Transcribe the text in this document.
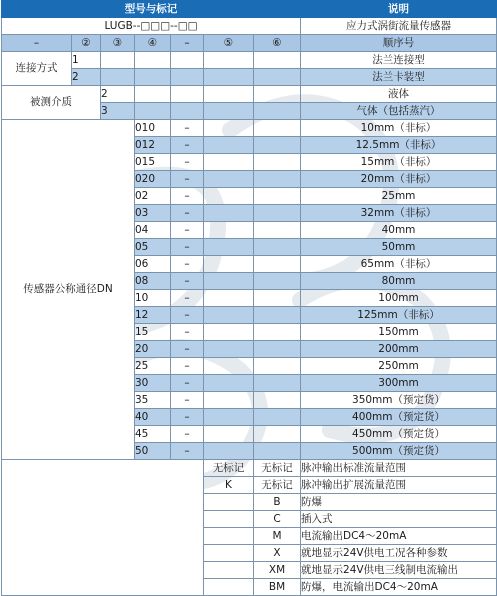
型号与标记							说明
LUGB--□□□--□□							应力式涡街流量传感器
–	②	③	④	–	⑤	⑥	顺序号
连接方式	1						法兰连接型
	2						法兰卡装型
被测介质		2					液体
		3					气体（包括蒸汽）
传感器公称通径DN			010	–			10mm（非标）
			012	–			12.5mm（非标）
			015	–			15mm（非标）
			020	–			20mm（非标）
			02	–			25mm
			03	–			32mm（非标）
			04	–			40mm
			05	–			50mm
			06	–			65mm（非标）
			08	–			80mm
			10	–			100mm
			12	–			125mm（非标）
			15	–			150mm
			20	–			200mm
			25	–			250mm
			30	–			300mm
			35	–			350mm（预定货）
			40	–			400mm（预定货）
			45	–			450mm（预定货）
			50	–			500mm（预定货）
					无标记	无标记	脉冲输出标准流量范围
					K	无标记	脉冲输出扩展流量范围
						B	防爆
						C	插入式
						M	电流输出DC4～20mA
						X	就地显示24V供电工况各种参数
						XM	就地显示24V供电三线制电流输出
						BM	防爆，电流输出DC4～20mA
